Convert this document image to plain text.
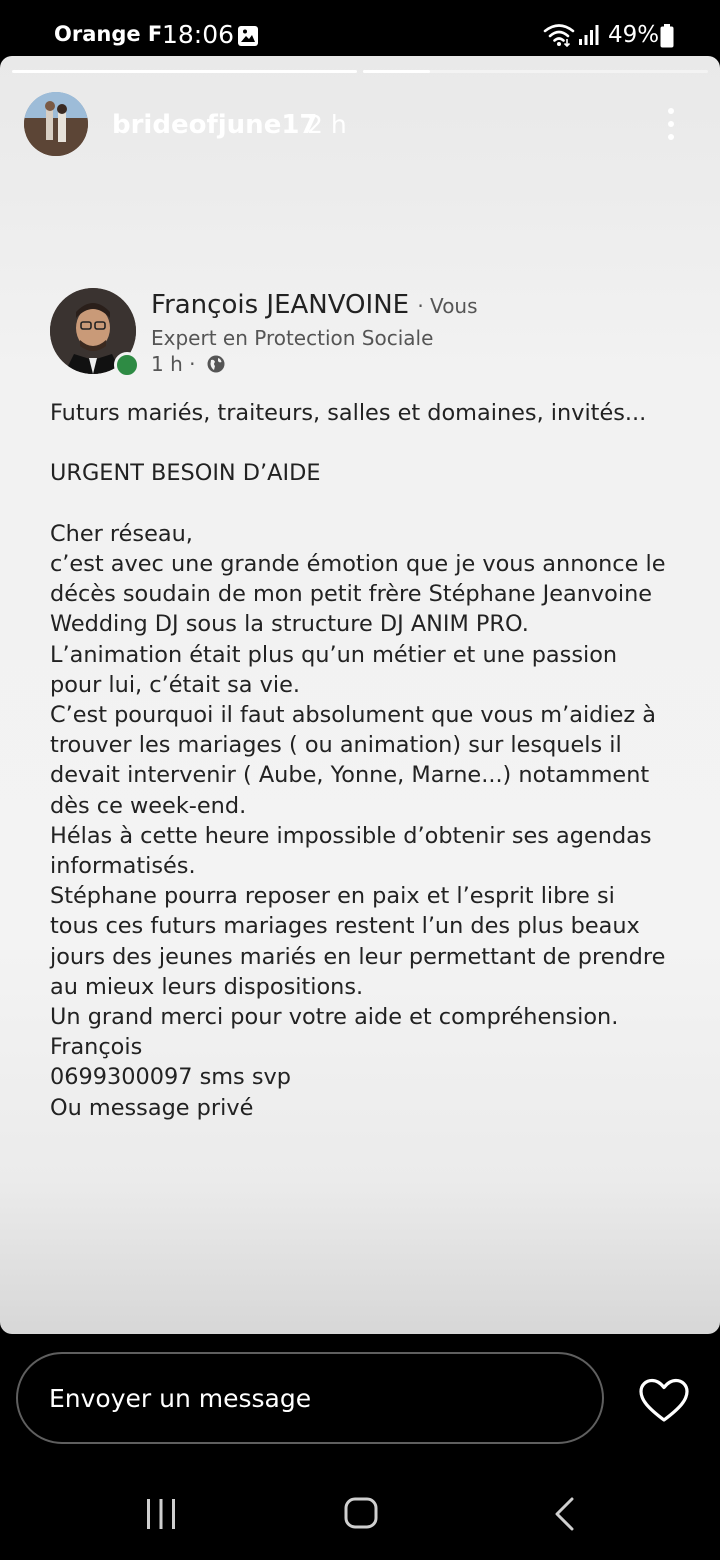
Orange F 18:06	49%
brideofjune17
2 h
François JEANVOINE · Vous
Expert en Protection Sociale
1 h ·

Futurs mariés, traiteurs, salles et domaines, invités...

URGENT BESOIN D’AIDE

Cher réseau,

c’est avec une grande émotion que je vous annonce le

décès soudain de mon petit frère Stéphane Jeanvoine

Wedding DJ sous la structure DJ ANIM PRO.

L’animation était plus qu’un métier et une passion

pour lui, c’était sa vie.

C’est pourquoi il faut absolument que vous m’aidiez à

trouver les mariages ( ou animation) sur lesquels il

devait intervenir ( Aube, Yonne, Marne...) notamment

dès ce week-end.

Hélas à cette heure impossible d’obtenir ses agendas

informatisés.

Stéphane pourra reposer en paix et l’esprit libre si

tous ces futurs mariages restent l’un des plus beaux

jours des jeunes mariés en leur permettant de prendre

au mieux leurs dispositions.

Un grand merci pour votre aide et compréhension.

François

0699300097 sms svp

Ou message privé

Envoyer un message
